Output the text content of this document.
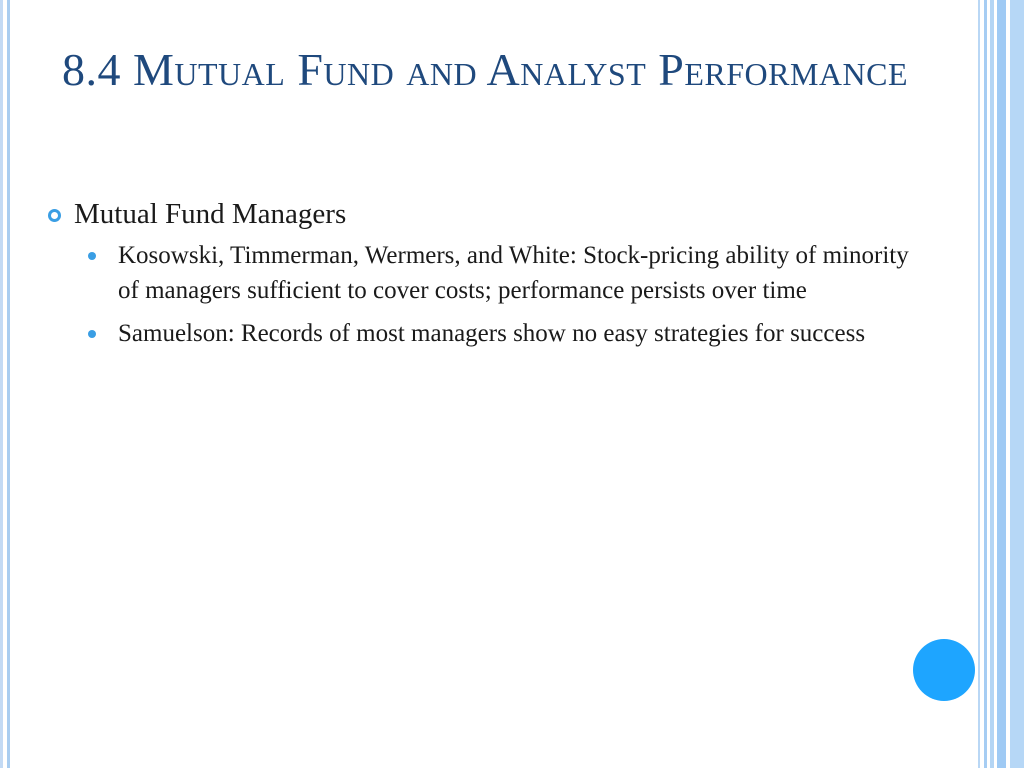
8.4 Mutual Fund and Analyst Performance
Mutual Fund Managers
Kosowski, Timmerman, Wermers, and White: Stock-pricing ability of minority of managers sufficient to cover costs; performance persists over time
Samuelson: Records of most managers show no easy strategies for success
